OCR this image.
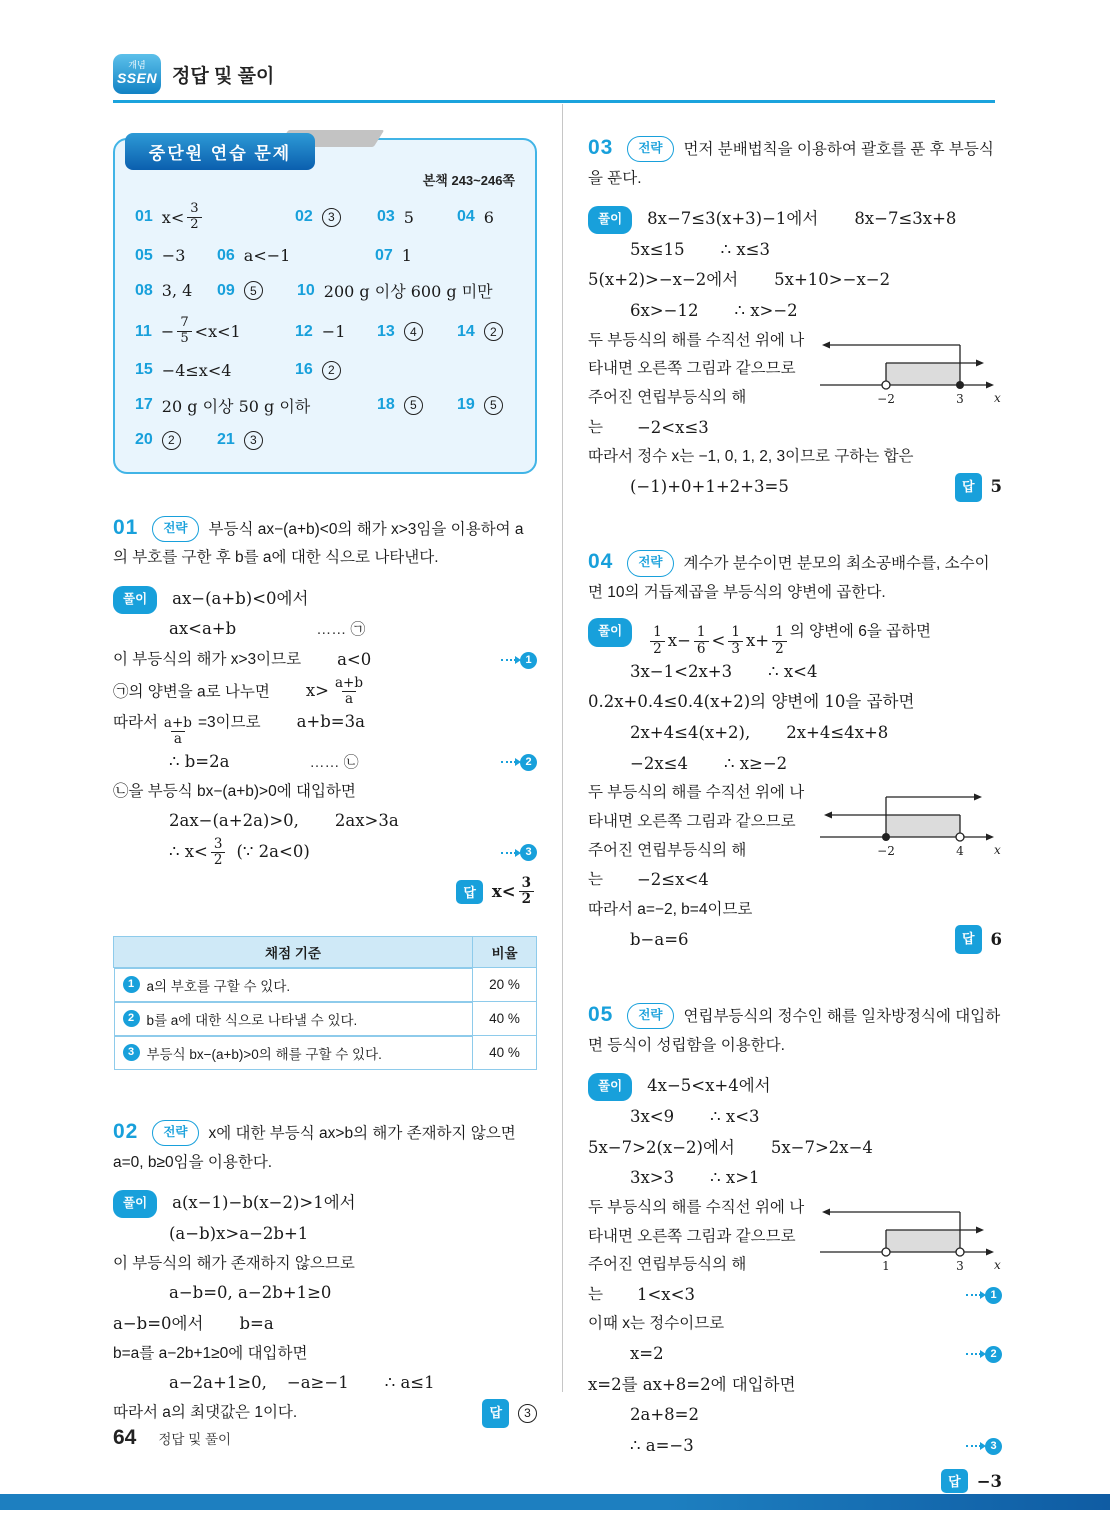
개념
SSEN 정답 및 풀이
중단원 연습 문제
본책 243~246쪽
01 $x< \frac{3}{2}$	02	3	03 5	04 6
05 −3 06 a<−1	07 1
08 3, 4 09	5	10 200 g 이상 600 g 미만
$11 - \frac{7}{5} <x<1$	12 −1 13	4	14	2
15 −4≤x<4	16	2
17 20 g 이상 50 g 이하	18	5	19	5
20	2	21	3

01 전략 부등식 ax−(a+b)<0의 해가 x>3임을 이용하여 a의 부호를 구한 후 b를 a에 대한 식으로 나타낸다.

풀이 ax−(a+b)<0에서
ax<a+b	…… ㉠
이 부등식의 해가 x>3이므로 a<0	1
㉠의 양변을 a로 나누면 $x> \frac{a+b}{a}$
따라서 $\frac{a+b}{a} =3$이므로 a+b=3a
∴ b=2a	…… ㉡	2
㉡을 부등식 bx−(a+b)>0에 대입하면
2ax−(a+2a)>0, 2ax>3a
∴ $x< \frac{3}{2}$ (∵ 2a<0)	3
답 $x< \frac{3}{2}$
채점 기준	비율

1 a의 부호를 구할 수 있다.	20 %

2 b를 a에 대한 식으로 나타낼 수 있다.	40 %

3 부등식 bx−(a+b)>0의 해를 구할 수 있다.	40 %

02 전략 x에 대한 부등식 ax>b의 해가 존재하지 않으면 a=0, b≥0임을 이용한다.

풀이 a(x−1)−b(x−2)>1에서
(a−b)x>a−2b+1
이 부등식의 해가 존재하지 않으므로
a−b=0, a−2b+1≥0
a−b=0에서 b=a
b=a를 a−2b+1≥0에 대입하면
a−2a+1≥0, −a≥−1 ∴ a≤1
따라서 a의 최댓값은 1이다.	답	3

03 전략 먼저 분배법칙을 이용하여 괄호를 푼 후 부등식을 푼다.

풀이 8x−7≤3(x+3)−1에서 8x−7≤3x+8
5x≤15 ∴ x≤3
5(x+2)>−x−2에서 5x+10>−x−2
6x>−12 ∴ x>−2
−2	3	x
두 부등식의 해를 수직선 위에 나타내면 오른쪽 그림과 같으므로 주어진 연립부등식의 해
는 −2<x≤3
따라서 정수 x는 −1, 0, 1, 2, 3이므로 구하는 합은
(−1)+0+1+2+3=5	답 5

04 전략 계수가 분수이면 분모의 최소공배수를, 소수이면 10의 거듭제곱을 부등식의 양변에 곱한다.

풀이 $\frac{1}{2} x- \frac{1}{6} < \frac{1}{3} x+ \frac{1}{2}$ 의 양변에 6을 곱하면
3x−1<2x+3 ∴ x<4
0.2x+0.4≤0.4(x+2)의 양변에 10을 곱하면
2x+4≤4(x+2), 2x+4≤4x+8
−2x≤4 ∴ x≥−2
−2	4	x
두 부등식의 해를 수직선 위에 나타내면 오른쪽 그림과 같으므로 주어진 연립부등식의 해
는 −2≤x<4
따라서 a=−2, b=4이므로
b−a=6	답 6

05 전략 연립부등식의 정수인 해를 일차방정식에 대입하면 등식이 성립함을 이용한다.

풀이 4x−5<x+4에서
3x<9 ∴ x<3
5x−7>2(x−2)에서 5x−7>2x−4
3x>3 ∴ x>1
1	3	x
두 부등식의 해를 수직선 위에 나타내면 오른쪽 그림과 같으므로 주어진 연립부등식의 해
는 1<x<3	1
이때 x는 정수이므로
x=2	2
x=2를 ax+8=2에 대입하면
2a+8=2
∴ a=−3	3
답 −3
64 정답 및 풀이
